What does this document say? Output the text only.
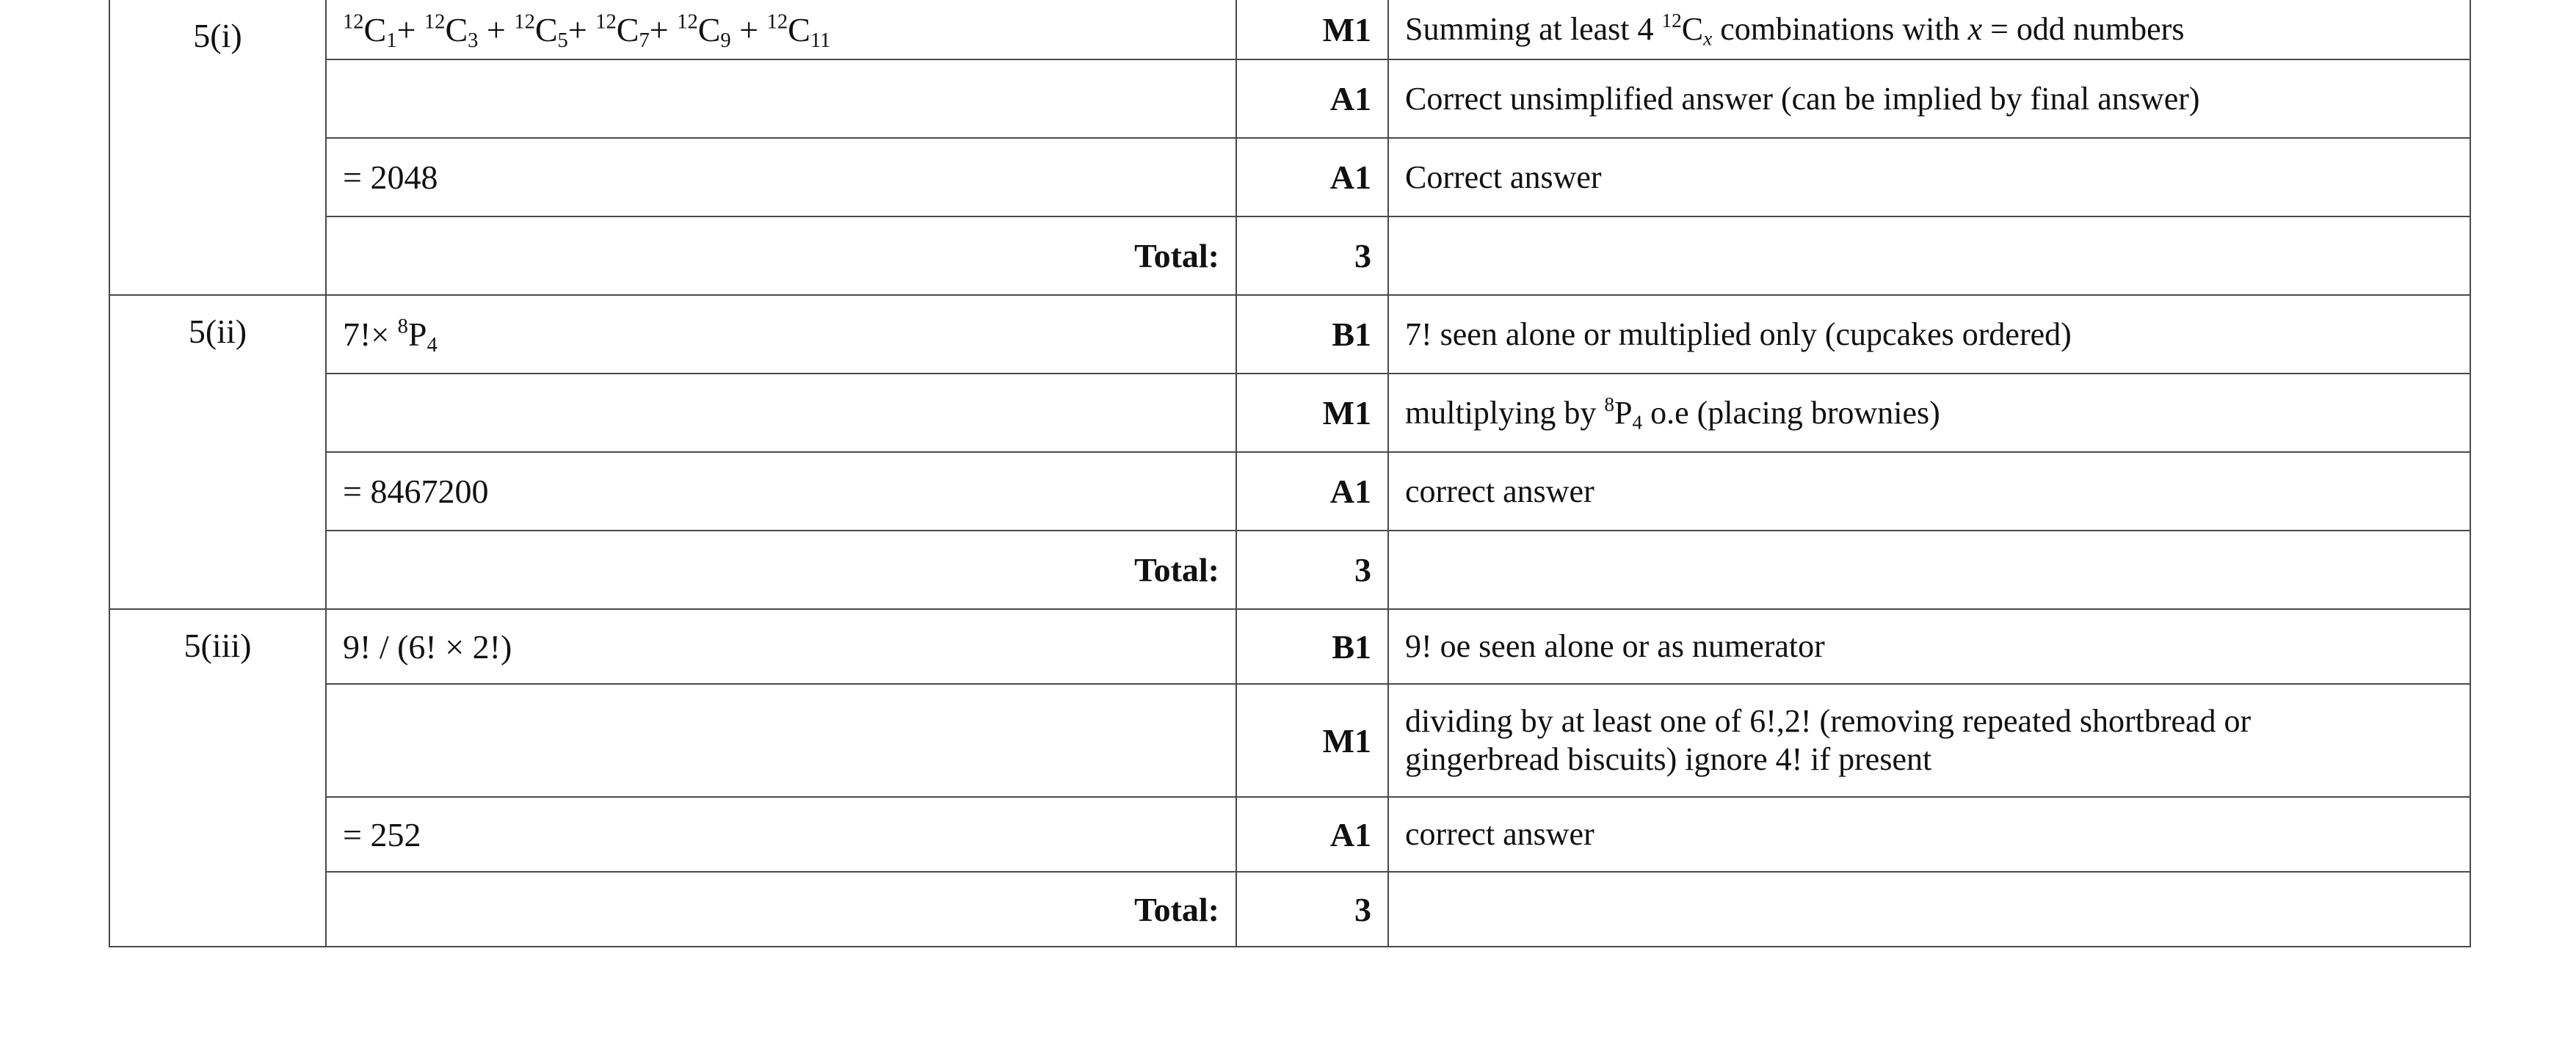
5(i)	$^{12}C_1+ ^{12}C_3 + ^{12}C_5+ ^{12}C_7+ ^{12}C_9 + ^{12}C_{11}$	M1	Summing at least 4 $^{12}C_x$ combinations with x = odd numbers
		A1	Correct unsimplified answer (can be implied by final answer)
	= 2048	A1	Correct answer
	Total:	3	
5(ii)	$7!\times ^8P_4$	B1	7! seen alone or multiplied only (cupcakes ordered)
		M1	multiplying by $^8P_4$ o.e (placing brownies)
	= 8467200	A1	correct answer
	Total:	3	
5(iii)	9! / (6! × 2!)	B1	9! oe seen alone or as numerator
		M1	dividing by at least one of 6!,2! (removing repeated shortbread or
gingerbread biscuits) ignore 4! if present

	= 252	A1	correct answer
	Total:	3	
